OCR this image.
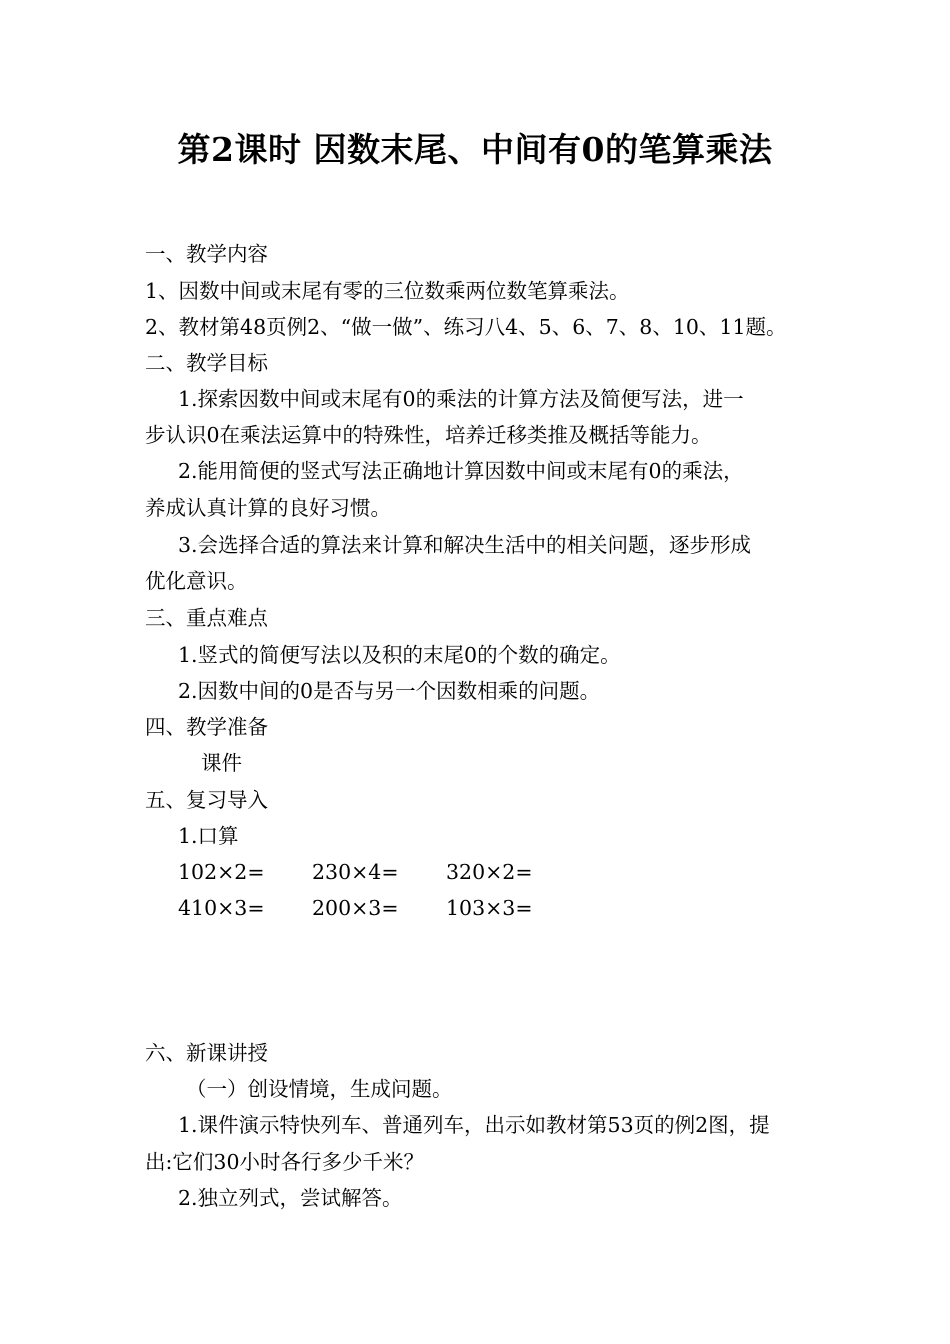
第2课时 因数末尾、中间有0的笔算乘法
一、教学内容
1、因数中间或末尾有零的三位数乘两位数笔算乘法。
2、教材第48页例2、“做一做”、练习八4、5、6、7、8、10、11题。
二、教学目标
1.探索因数中间或末尾有0的乘法的计算方法及简便写法，进一
步认识0在乘法运算中的特殊性，培养迁移类推及概括等能力。
2.能用简便的竖式写法正确地计算因数中间或末尾有0的乘法，
养成认真计算的良好习惯。
3.会选择合适的算法来计算和解决生活中的相关问题，逐步形成
优化意识。
三、重点难点
1.竖式的简便写法以及积的末尾0的个数的确定。
2.因数中间的0是否与另一个因数相乘的问题。
四、教学准备
课件
五、复习导入
1.口算
102×2= 230×4= 320×2=
410×3= 200×3= 103×3=
六、新课讲授
（一）创设情境，生成问题。
1.课件演示特快列车、普通列车，出示如教材第53页的例2图，提
出:它们30小时各行多少千米？
2.独立列式，尝试解答。
